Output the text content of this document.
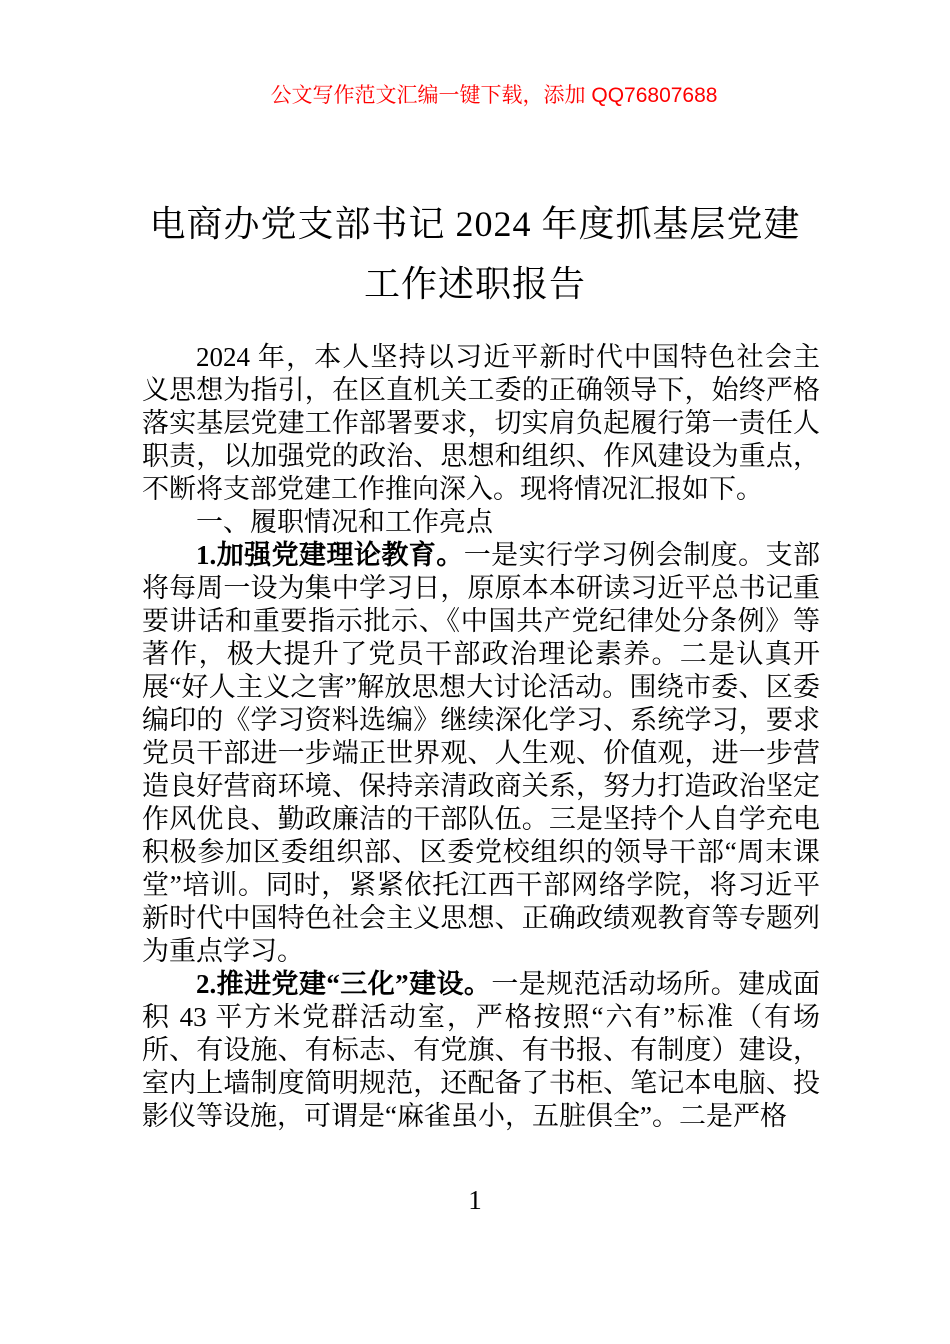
公文写作范文汇编一键下载，添加 QQ76807688
电商办党支部书记 2024 年度抓基层党建工作述职报告

2024 年，本人坚持以习近平新时代中国特色社会主义思想为指引，在区直机关工委的正确领导下，始终严格落实基层党建工作部署要求，切实肩负起履行第一责任人职责，以加强党的政治、思想和组织、作风建设为重点，不断将支部党建工作推向深入。现将情况汇报如下。

一、履职情况和工作亮点

1.加强党建理论教育。一是实行学习例会制度。支部将每周一设为集中学习日，原原本本研读习近平总书记重要讲话和重要指示批示、《中国共产党纪律处分条例》等著作，极大提升了党员干部政治理论素养。二是认真开展“好人主义之害”解放思想大讨论活动。围绕市委、区委编印的《学习资料选编》继续深化学习、系统学习，要求党员干部进一步端正世界观、人生观、价值观，进一步营造良好营商环境、保持亲清政商关系，努力打造政治坚定作风优良、勤政廉洁的干部队伍。三是坚持个人自学充电积极参加区委组织部、区委党校组织的领导干部“周末课堂”培训。同时，紧紧依托江西干部网络学院，将习近平新时代中国特色社会主义思想、正确政绩观教育等专题列为重点学习。

2.推进党建“三化”建设。一是规范活动场所。建成面积 43 平方米党群活动室，严格按照“六有”标准（有场所、有设施、有标志、有党旗、有书报、有制度）建设，室内上墙制度简明规范，还配备了书柜、笔记本电脑、投影仪等设施，可谓是“麻雀虽小，五脏俱全”。二是严格

1
